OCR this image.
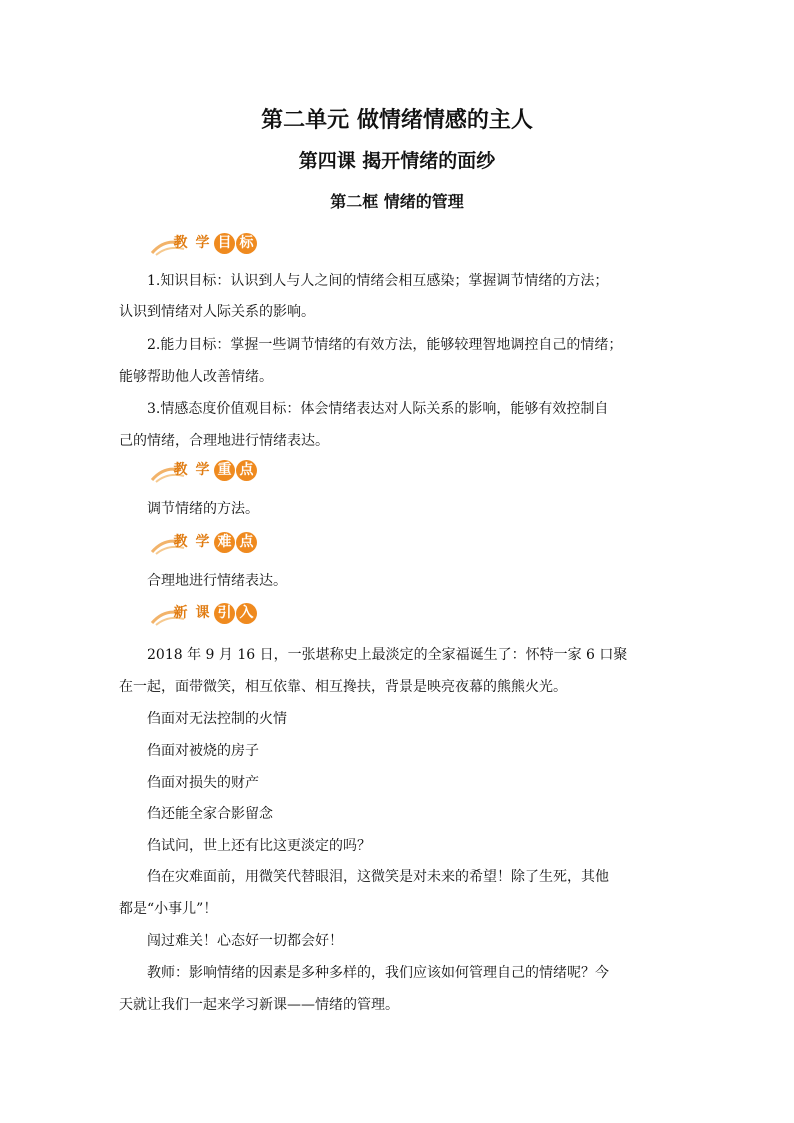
第二单元 做情绪情感的主人
第四课 揭开情绪的面纱
第二框 情绪的管理
教 学 目 标
1.知识目标：认识到人与人之间的情绪会相互感染；掌握调节情绪的方法；
认识到情绪对人际关系的影响。
2.能力目标：掌握一些调节情绪的有效方法，能够较理智地调控自己的情绪；
能够帮助他人改善情绪。
3.情感态度价值观目标：体会情绪表达对人际关系的影响，能够有效控制自
己的情绪，合理地进行情绪表达。
教 学 重 点
调节情绪的方法。
教 学 难 点
合理地进行情绪表达。
新 课 引 入
2018 年 9 月 16 日，一张堪称史上最淡定的全家福诞生了：怀特一家 6 口聚
在一起，面带微笑，相互依靠、相互搀扶，背景是映亮夜幕的熊熊火光。
㑇面对无法控制的火情
㑇面对被烧的房子
㑇面对损失的财产
㑇还能全家合影留念
㑇试问，世上还有比这更淡定的吗？
㑇在灾难面前，用微笑代替眼泪，这微笑是对未来的希望！除了生死，其他
都是“小事儿”！
闯过难关！心态好一切都会好！
教师：影响情绪的因素是多种多样的，我们应该如何管理自己的情绪呢？今
天就让我们一起来学习新课——情绪的管理。
